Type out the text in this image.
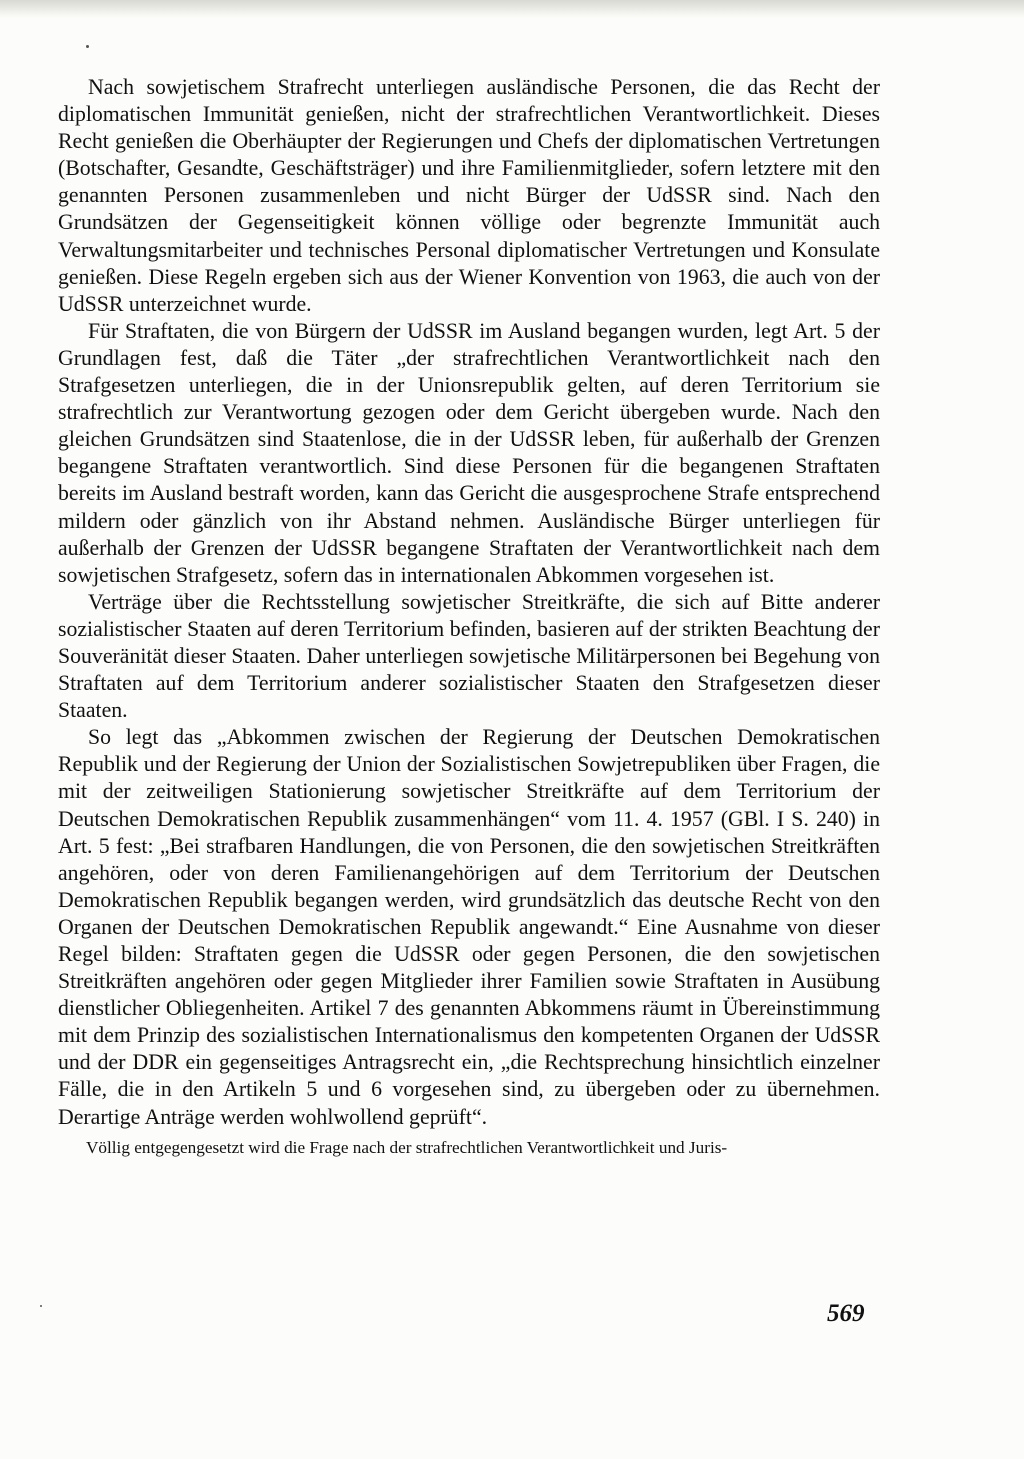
Nach sowjetischem Strafrecht unterliegen ausländische Personen, die das Recht der diplomatischen Immunität genießen, nicht der strafrechtlichen Verantwortlichkeit. Dieses Recht genießen die Oberhäupter der Regierungen und Chefs der diplomatischen Vertretungen (Botschafter, Gesandte, Geschäftsträger) und ihre Familienmitglieder, sofern letztere mit den genannten Personen zusammenleben und nicht Bürger der UdSSR sind. Nach den Grundsätzen der Gegenseitigkeit können völlige oder begrenzte Immunität auch Verwaltungsmitarbeiter und technisches Personal diplomatischer Vertretungen und Konsulate genießen. Diese Regeln ergeben sich aus der Wiener Konvention von 1963, die auch von der UdSSR unterzeichnet wurde.

Für Straftaten, die von Bürgern der UdSSR im Ausland begangen wurden, legt Art. 5 der Grundlagen fest, daß die Täter „der strafrechtlichen Verantwortlichkeit nach den Strafgesetzen unterliegen, die in der Unionsrepublik gelten, auf deren Territorium sie strafrechtlich zur Verantwortung gezogen oder dem Gericht übergeben wurde. Nach den gleichen Grundsätzen sind Staatenlose, die in der UdSSR leben, für außerhalb der Grenzen begangene Straftaten verantwortlich. Sind diese Personen für die begangenen Straftaten bereits im Ausland bestraft worden, kann das Gericht die ausgesprochene Strafe entsprechend mildern oder gänzlich von ihr Abstand nehmen. Ausländische Bürger unterliegen für außerhalb der Grenzen der UdSSR begangene Straftaten der Verantwortlichkeit nach dem sowjetischen Strafgesetz, sofern das in internationalen Abkommen vorgesehen ist.

Verträge über die Rechtsstellung sowjetischer Streitkräfte, die sich auf Bitte anderer sozialistischer Staaten auf deren Territorium befinden, basieren auf der strikten Beachtung der Souveränität dieser Staaten. Daher unterliegen sowjetische Militärpersonen bei Begehung von Straftaten auf dem Territorium anderer sozialistischer Staaten den Strafgesetzen dieser Staaten.

So legt das „Abkommen zwischen der Regierung der Deutschen Demokratischen Republik und der Regierung der Union der Sozialistischen Sowjetrepubliken über Fragen, die mit der zeitweiligen Stationierung sowjetischer Streitkräfte auf dem Territorium der Deutschen Demokratischen Republik zusammenhängen“ vom 11. 4. 1957 (GBl. I S. 240) in Art. 5 fest: „Bei strafbaren Handlungen, die von Personen, die den sowjetischen Streitkräften angehören, oder von deren Familienangehörigen auf dem Territorium der Deutschen Demokratischen Republik begangen werden, wird grundsätzlich das deutsche Recht von den Organen der Deutschen Demokratischen Republik angewandt.“ Eine Ausnahme von dieser Regel bilden: Straftaten gegen die UdSSR oder gegen Personen, die den sowjetischen Streitkräften angehören oder gegen Mitglieder ihrer Familien sowie Straftaten in Ausübung dienstlicher Obliegenheiten. Artikel 7 des genannten Abkommens räumt in Übereinstimmung mit dem Prinzip des sozialistischen Internationalismus den kompetenten Organen der UdSSR und der DDR ein gegenseitiges Antragsrecht ein, „die Rechtsprechung hinsichtlich einzelner Fälle, die in den Artikeln 5 und 6 vorgesehen sind, zu übergeben oder zu übernehmen. Derartige Anträge werden wohlwollend geprüft“.

Völlig entgegengesetzt wird die Frage nach der strafrechtlichen Verantwortlichkeit und Juris-

569
